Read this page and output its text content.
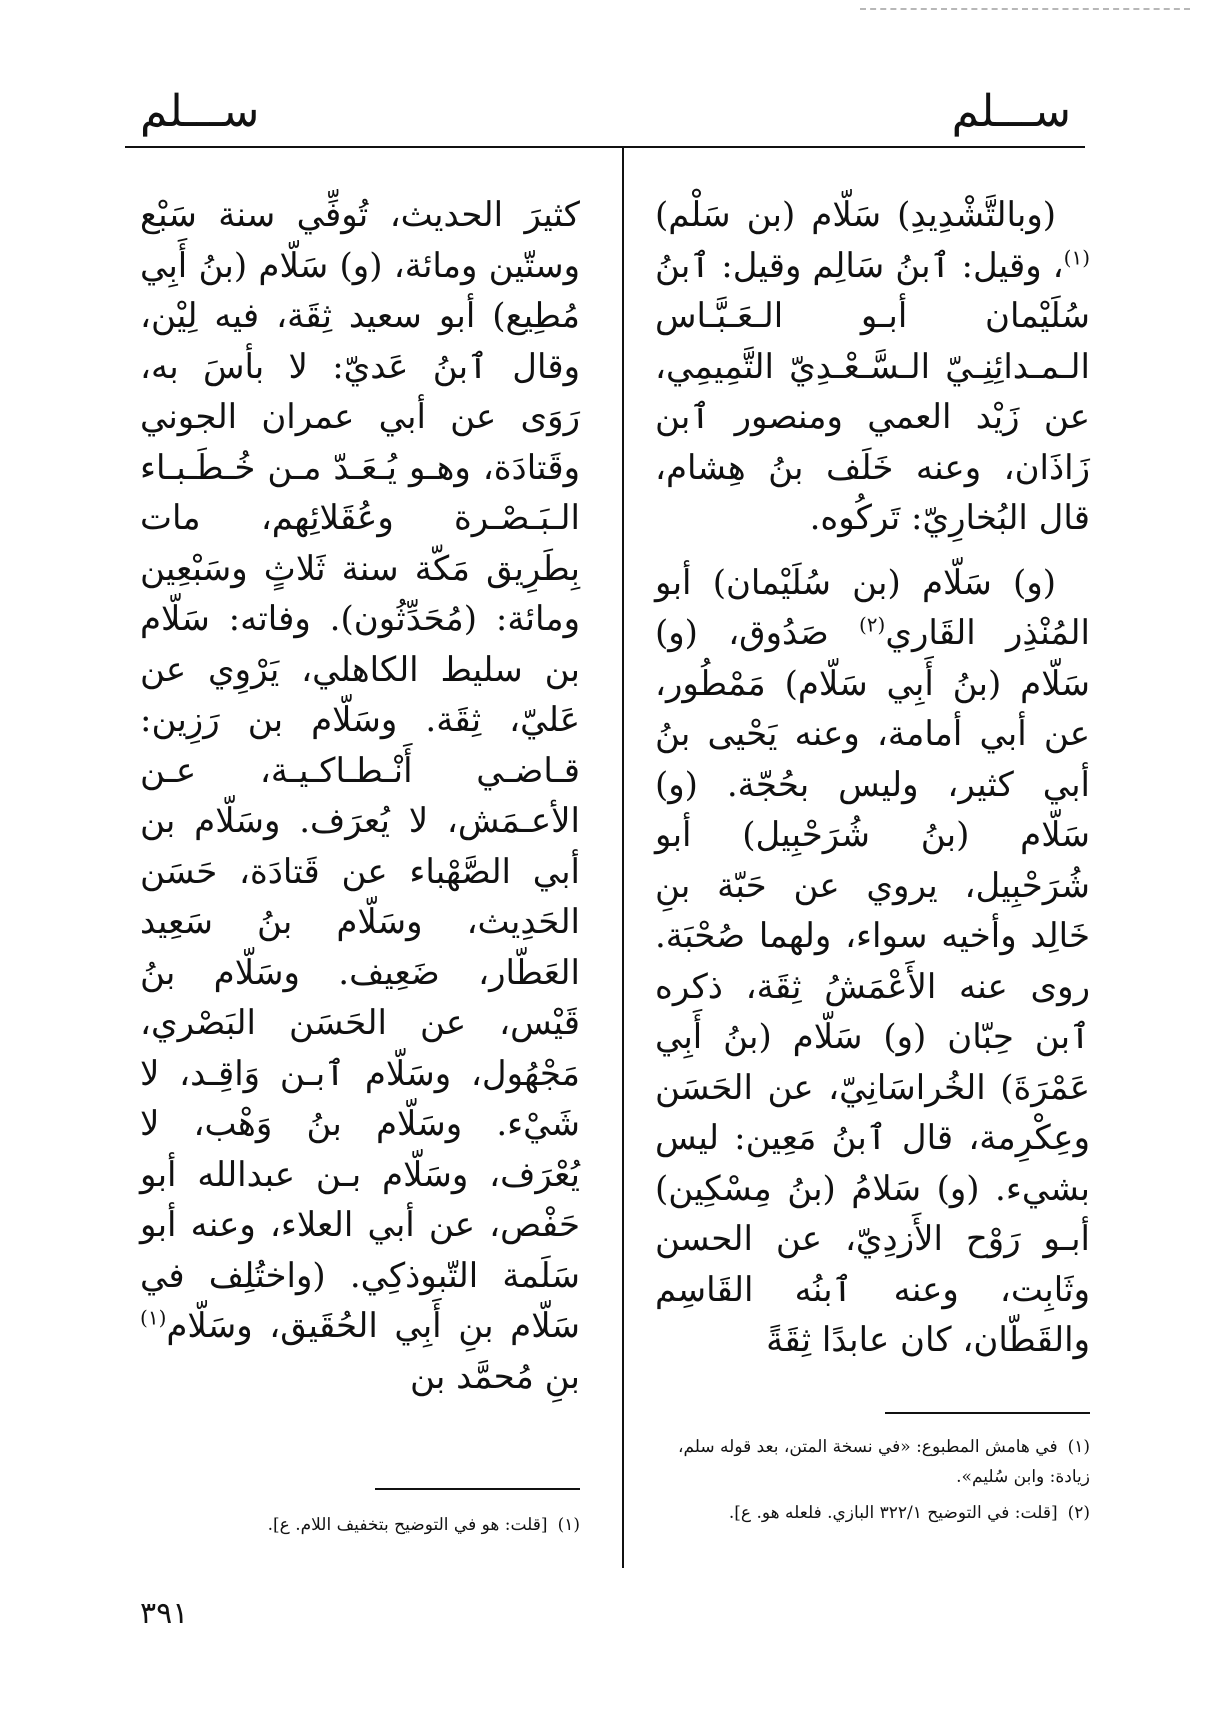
ســـلم
ســـلم

(وبالتَّشْدِيدِ) سَلّام (بن سَلْم)$^{(١)}$، وقيل: ٱبنُ سَالِم وقيل: ٱبنُ سُلَيْمان أبـو الـعَـبَّـاس الـمـدائِنِـيّ الـسَّـعْـدِيّ التَّمِيمِي، عن زَيْد العمي ومنصور ٱبن زَاذَان، وعنه خَلَف بنُ هِشام، قال البُخارِيّ: تَركُوه.

(و) سَلّام (بن سُلَيْمان) أبو المُنْذِر القَاري$^{(٢)}$ صَدُوق، (و) سَلّام (بنُ أَبِي سَلّام) مَمْطُور، عن أبي أمامة، وعنه يَحْيى بنُ أبي كثير، وليس بحُجّة. (و) سَلّام (بنُ شُرَحْبِيل) أبو شُرَحْبِيل، يروي عن حَبّة بنِ خَالِد وأخيه سواء، ولهما صُحْبَة. روى عنه الأَعْمَشُ ثِقَة، ذكره ٱبن حِبّان (و) سَلّام (بنُ أَبِي عَمْرَةَ) الخُراسَانِيّ، عن الحَسَن وعِكْرِمة، قال ٱبنُ مَعِين: ليس بشيء. (و) سَلامُ (بنُ مِسْكِين) أبـو رَوْح الأَزدِيّ، عن الحسن وثَابِت، وعنه ٱبنُه القَاسِم والقَطّان، كان عابدًا ثِقَةً

كثيرَ الحديث، تُوفِّي سنة سَبْع وستّين ومائة، (و) سَلّام (بنُ أَبِي مُطِيع) أبو سعيد ثِقَة، فيه لِيْن، وقال ٱبنُ عَديّ: لا بأسَ به، رَوَى عن أبي عمران الجوني وقَتادَة، وهـو يُـعَـدّ مـن خُـطَـبـاء الـبَـصْـرة وعُقَلائِهم، مات بِطَرِيق مَكّة سنة ثَلاثٍ وسَبْعِين ومائة: (مُحَدِّثُون). وفاته: سَلّام بن سليط الكاهلي، يَرْوِي عن عَليّ، ثِقَة. وسَلّام بن رَزِين: قـاضـي أَنْـطـاكـيـة، عـن الأعـمَش، لا يُعرَف. وسَلّام بن أبي الصَّهْباء عن قَتادَة، حَسَن الحَدِيث، وسَلّام بنُ سَعِيد العَطّار، ضَعِيف. وسَلّام بنُ قَيْس، عن الحَسَن البَصْري، مَجْهُول، وسَلّام ٱبـن وَاقِـد، لا شَيْء. وسَلّام بنُ وَهْب، لا يُعْرَف، وسَلّام بـن عبدالله أبو حَفْص، عن أبي العلاء، وعنه أبو سَلَمة التّبوذكِي. (واختُلِف في سَلّام بنِ أَبِي الحُقَيق، وسَلّام$^{(١)}$ بنِ مُحمَّد بن

(١)في هامش المطبوع: «في نسخة المتن، بعد قوله سلم، زيادة: وابن سُليم».

(٢)[قلت: في التوضيح ٣٢٢/١ البازي. فلعله هو. ع].

(١)[قلت: هو في التوضيح بتخفيف اللام. ع].

٣٩١
